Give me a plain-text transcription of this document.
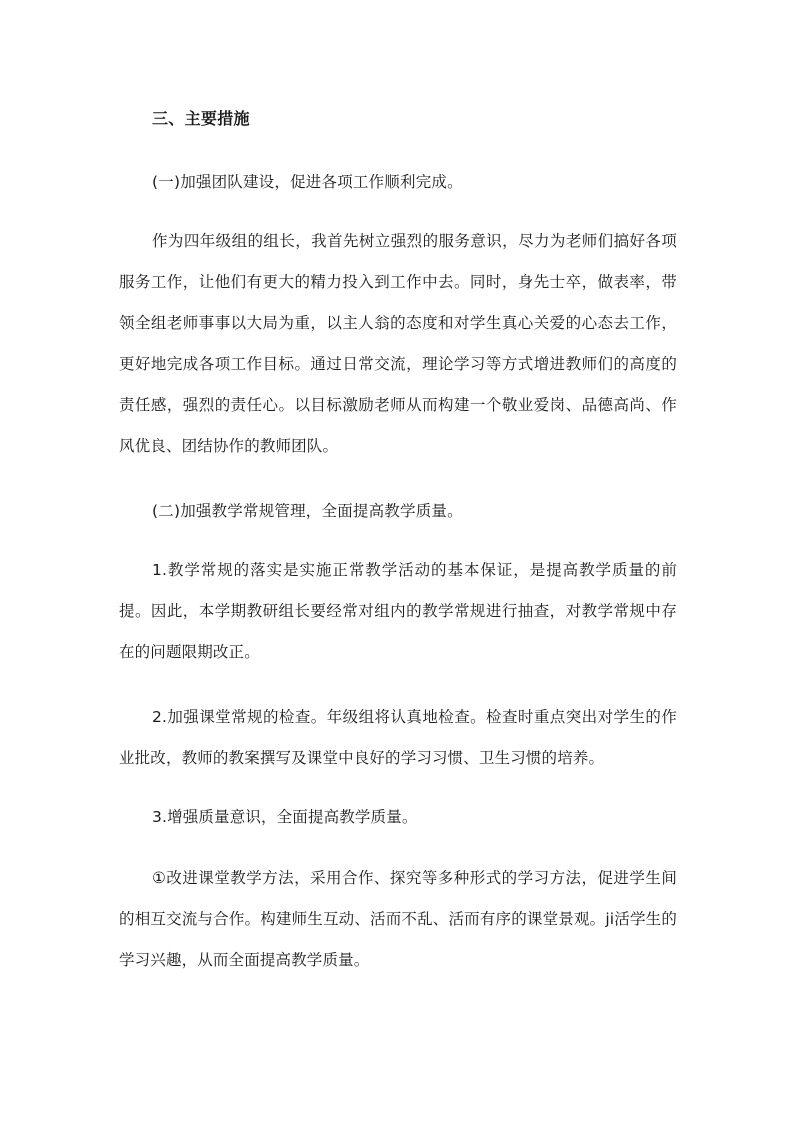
三、主要措施
(一)加强团队建设，促进各项工作顺利完成。
作为四年级组的组长，我首先树立强烈的服务意识，尽力为老师们搞好各项服务工作，让他们有更大的精力投入到工作中去。同时，身先士卒，做表率，带领全组老师事事以大局为重，以主人翁的态度和对学生真心关爱的心态去工作，更好地完成各项工作目标。通过日常交流，理论学习等方式增进教师们的高度的责任感，强烈的责任心。以目标激励老师从而构建一个敬业爱岗、品德高尚、作风优良、团结协作的教师团队。
(二)加强教学常规管理，全面提高教学质量。
1.教学常规的落实是实施正常教学活动的基本保证，是提高教学质量的前提。因此，本学期教研组长要经常对组内的教学常规进行抽查，对教学常规中存在的问题限期改正。
2.加强课堂常规的检查。年级组将认真地检查。检查时重点突出对学生的作业批改，教师的教案撰写及课堂中良好的学习习惯、卫生习惯的培养。
3.增强质量意识，全面提高教学质量。
①改进课堂教学方法，采用合作、探究等多种形式的学习方法，促进学生间的相互交流与合作。构建师生互动、活而不乱、活而有序的课堂景观。ji活学生的学习兴趣，从而全面提高教学质量。
